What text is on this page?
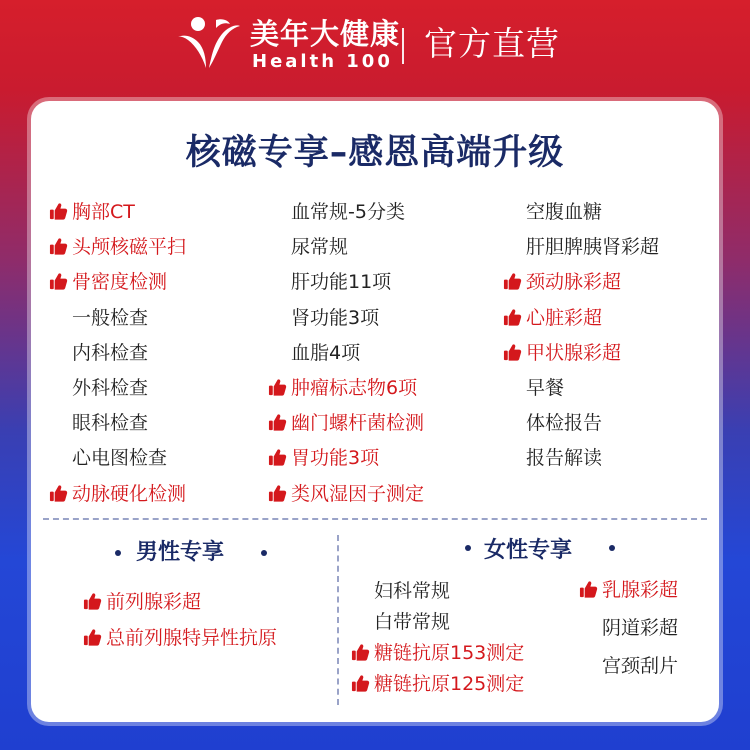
美年大健康
Health 100 官方直营
核磁专享–感恩高端升级
胸部CT
头颅核磁平扫
骨密度检测
一般检查
内科检查
外科检查
眼科检查
心电图检查
动脉硬化检测
血常规-5分类
尿常规
肝功能11项
肾功能3项
血脂4项
肿瘤标志物6项
幽门螺杆菌检测
胃功能3项
类风湿因子测定
空腹血糖
肝胆脾胰肾彩超
颈动脉彩超
心脏彩超
甲状腺彩超
早餐
体检报告
报告解读
前列腺彩超
总前列腺特异性抗原
妇科常规
白带常规
糖链抗原153测定
糖链抗原125测定
乳腺彩超
阴道彩超
宫颈刮片
男性专享	女性专享
